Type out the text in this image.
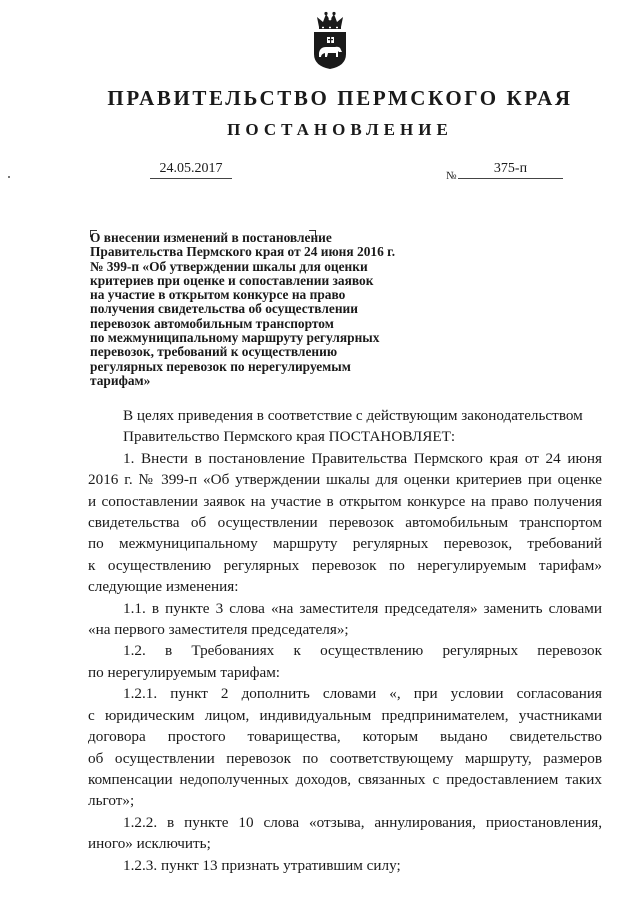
ПРАВИТЕЛЬСТВО ПЕРМСКОГО КРАЯ
ПОСТАНОВЛЕНИЕ
24.05.2017	№	375-п
О внесении изменений в постановление
Правительства Пермского края от 24 июня 2016 г.
№ 399-п «Об утверждении шкалы для оценки
критериев при оценке и сопоставлении заявок
на участие в открытом конкурсе на право
получения свидетельства об осуществлении
перевозок автомобильным транспортом
по межмуниципальному маршруту регулярных
перевозок, требований к осуществлению
регулярных перевозок по нерегулируемым
тарифам»
В целях приведения в соответствие с действующим законодательством
Правительство Пермского края ПОСТАНОВЛЯЕТ:
1. Внести в постановление Правительства Пермского края от 24 июня
2016 г. № 399-п «Об утверждении шкалы для оценки критериев при оценке
и сопоставлении заявок на участие в открытом конкурсе на право получения
свидетельства об осуществлении перевозок автомобильным транспортом
по межмуниципальному маршруту регулярных перевозок, требований
к осуществлению регулярных перевозок по нерегулируемым тарифам»
следующие изменения:
1.1. в пункте 3 слова «на заместителя председателя» заменить словами
«на первого заместителя председателя»;
1.2. в Требованиях к осуществлению регулярных перевозок
по нерегулируемым тарифам:
1.2.1. пункт 2 дополнить словами «, при условии согласования
с юридическим лицом, индивидуальным предпринимателем, участниками
договора простого товарищества, которым выдано свидетельство
об осуществлении перевозок по соответствующему маршруту, размеров
компенсации недополученных доходов, связанных с предоставлением таких
льгот»;
1.2.2. в пункте 10 слова «отзыва, аннулирования, приостановления,
иного» исключить;
1.2.3. пункт 13 признать утратившим силу;
